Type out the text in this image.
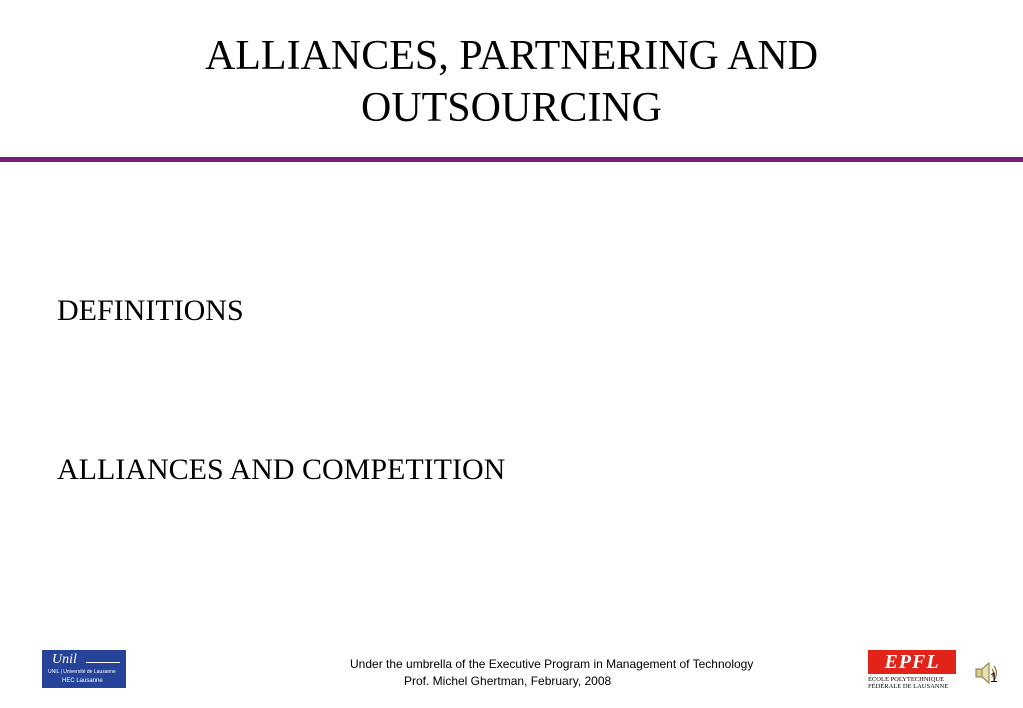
ALLIANCES, PARTNERING AND
OUTSOURCING
DEFINITIONS
ALLIANCES AND COMPETITION
Unil
UNIL | Université de Lausanne
HEC Lausanne
Under the umbrella of the Executive Program in Management of Technology
Prof. Michel Ghertman, February, 2008
EPFL
ÉCOLE POLYTECHNIQUE
FÉDÉRALE DE LAUSANNE
1
